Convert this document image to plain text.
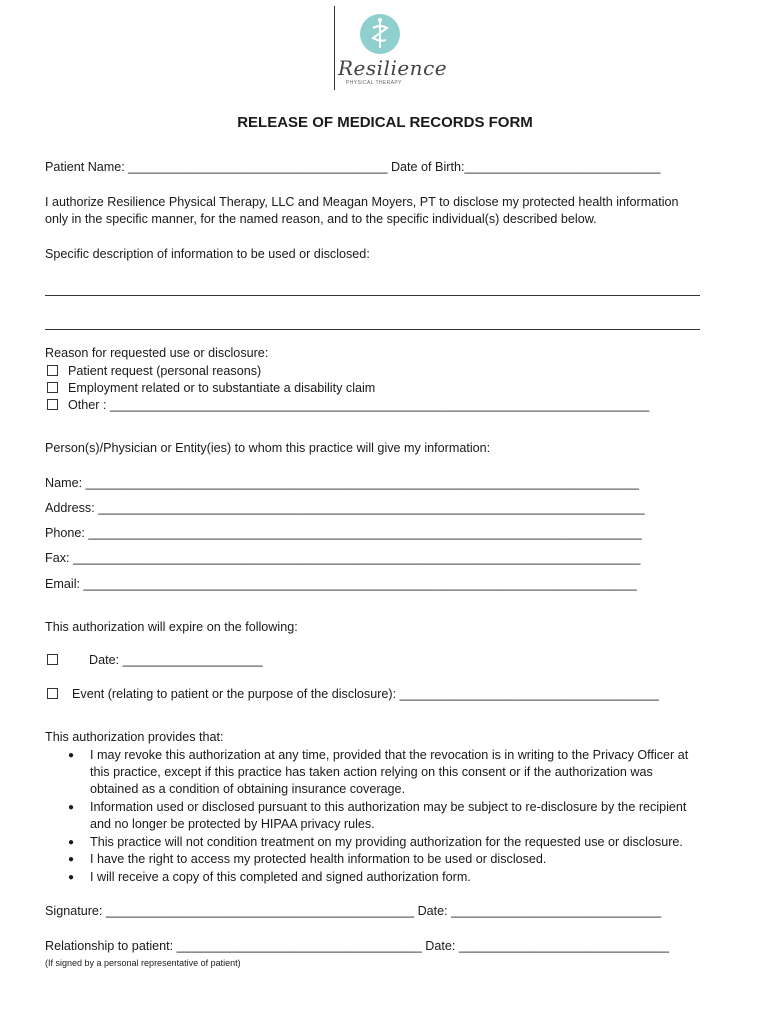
Resilience
PHYSICAL THERAPY
RELEASE OF MEDICAL RECORDS FORM
Patient Name: _____________________________________ Date of Birth:____________________________
I authorize Resilience Physical Therapy, LLC and Meagan Moyers, PT to disclose my protected health information
only in the specific manner, for the named reason, and to the specific individual(s) described below.
Specific description of information to be used or disclosed:
Reason for requested use or disclosure:
Patient request (personal reasons)
Employment related or to substantiate a disability claim
Other : _____________________________________________________________________________
Person(s)/Physician or Entity(ies) to whom this practice will give my information:
Name: _______________________________________________________________________________
Address: ______________________________________________________________________________
Phone: _______________________________________________________________________________
Fax: _________________________________________________________________________________
Email: _______________________________________________________________________________
This authorization will expire on the following:
Date: ____________________
Event (relating to patient or the purpose of the disclosure): _____________________________________
This authorization provides that:
● I may revoke this authorization at any time, provided that the revocation is in writing to the Privacy Officer at
this practice, except if this practice has taken action relying on this consent or if the authorization was
obtained as a condition of obtaining insurance coverage.
● Information used or disclosed pursuant to this authorization may be subject to re-disclosure by the recipient
and no longer be protected by HIPAA privacy rules.
● This practice will not condition treatment on my providing authorization for the requested use or disclosure.
● I have the right to access my protected health information to be used or disclosed.
● I will receive a copy of this completed and signed authorization form.
Signature: ____________________________________________ Date: ______________________________
Relationship to patient: ___________________________________ Date: ______________________________
(If signed by a personal representative of patient)
